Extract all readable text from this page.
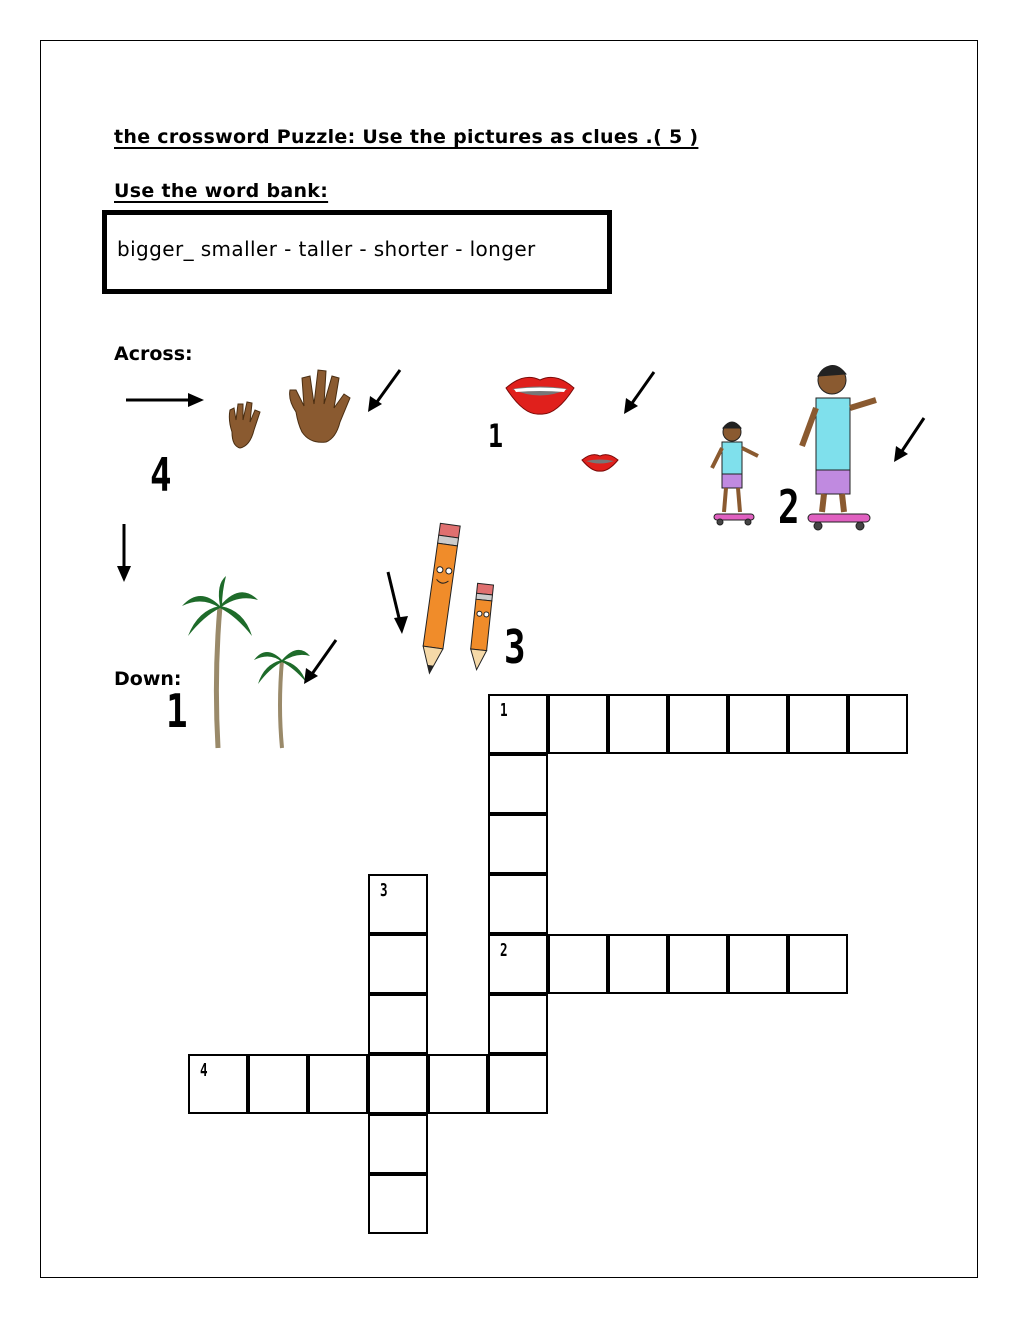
the crossword Puzzle: Use the pictures as clues .( 5 )
Use the word bank:
bigger_ smaller - taller - shorter - longer
Across:
Down:
4
1
2
3
1	1
2
3
4
